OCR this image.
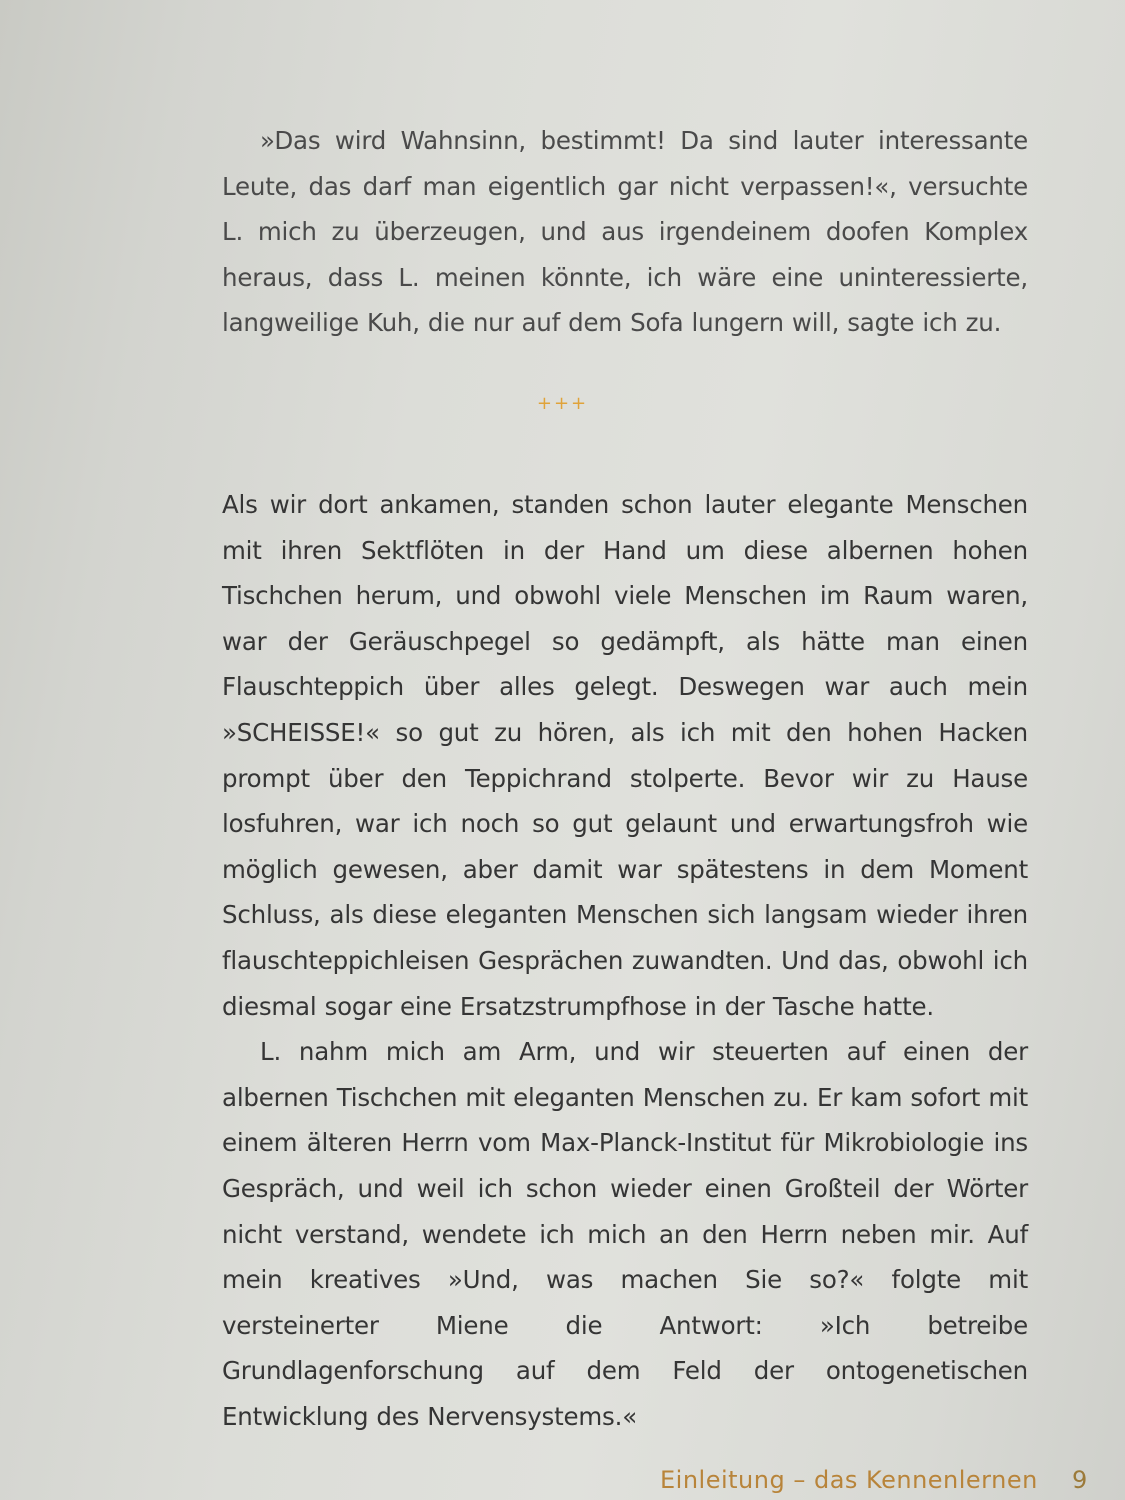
»Das wird Wahnsinn, bestimmt! Da sind lauter interessante Leute, das darf man eigentlich gar nicht verpassen!«, versuchte L. mich zu überzeugen, und aus irgendeinem doofen Komplex heraus, dass L. meinen könnte, ich wäre eine uninteressierte, langweilige Kuh, die nur auf dem Sofa lungern will, sagte ich zu.

+++

Als wir dort ankamen, standen schon lauter elegante Menschen mit ihren Sektflöten in der Hand um diese albernen hohen Tischchen herum, und obwohl viele Menschen im Raum waren, war der Geräuschpegel so gedämpft, als hätte man einen Flauschteppich über alles gelegt. Deswegen war auch mein »SCHEISSE!« so gut zu hören, als ich mit den hohen Hacken prompt über den Teppichrand stolperte. Bevor wir zu Hause losfuhren, war ich noch so gut gelaunt und erwartungsfroh wie möglich gewesen, aber damit war spätestens in dem Moment Schluss, als diese eleganten Menschen sich langsam wieder ihren flauschteppichleisen Gesprächen zuwandten. Und das, obwohl ich diesmal sogar eine Ersatzstrumpfhose in der Tasche hatte.

L. nahm mich am Arm, und wir steuerten auf einen der albernen Tischchen mit eleganten Menschen zu. Er kam sofort mit einem älteren Herrn vom Max-Planck-Institut für Mikrobiologie ins Gespräch, und weil ich schon wieder einen Großteil der Wörter nicht verstand, wendete ich mich an den Herrn neben mir. Auf mein kreatives »Und, was machen Sie so?« folgte mit versteinerter Miene die Antwort: »Ich betreibe Grundlagenforschung auf dem Feld der ontogenetischen Entwicklung des Nervensystems.«

Einleitung – das Kennenlernen 9
